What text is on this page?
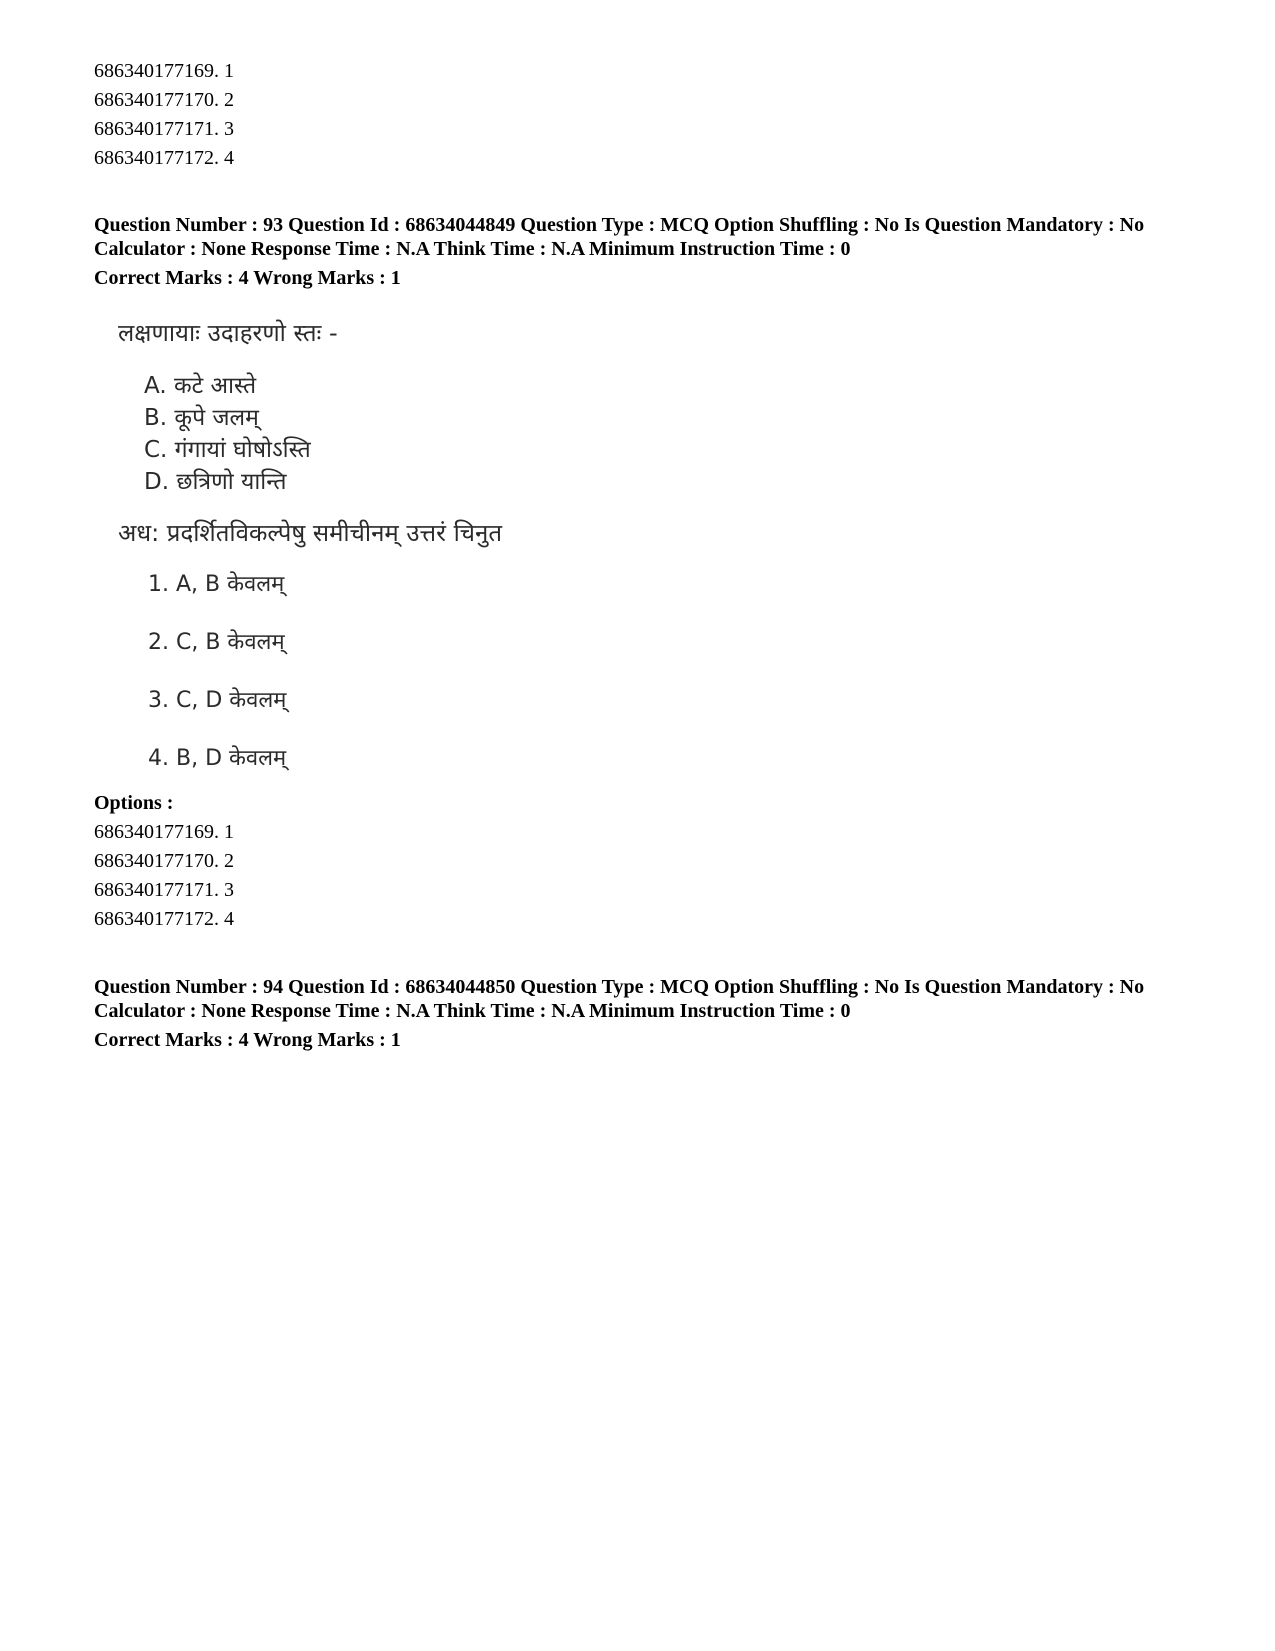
686340177169. 1
686340177170. 2
686340177171. 3
686340177172. 4
Question Number : 93 Question Id : 68634044849 Question Type : MCQ Option Shuffling : No Is Question Mandatory : No Calculator : None Response Time : N.A Think Time : N.A Minimum Instruction Time : 0
Correct Marks : 4 Wrong Marks : 1
लक्षणायाः उदाहरणो स्तः -
A. कटे आस्ते
B. कूपे जलम्
C. गंगायां घोषोऽस्ति
D. छत्रिणो यान्ति
अध: प्रदर्शितविकल्पेषु समीचीनम् उत्तरं चिनुत
1. A, B केवलम्
2. C, B केवलम्
3. C, D केवलम्
4. B, D केवलम्
Options :
686340177169. 1
686340177170. 2
686340177171. 3
686340177172. 4
Question Number : 94 Question Id : 68634044850 Question Type : MCQ Option Shuffling : No Is Question Mandatory : No Calculator : None Response Time : N.A Think Time : N.A Minimum Instruction Time : 0
Correct Marks : 4 Wrong Marks : 1
